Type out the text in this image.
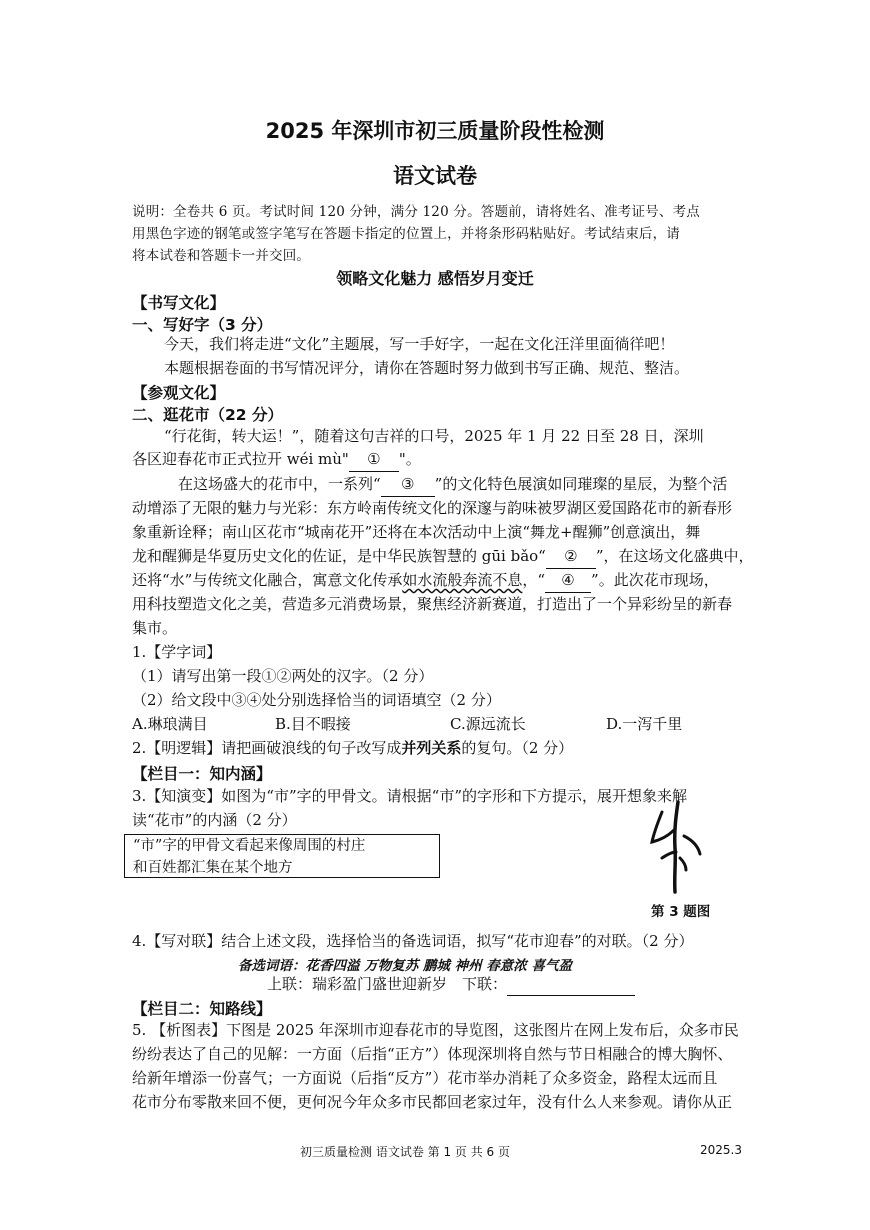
2025 年深圳市初三质量阶段性检测
语文试卷
说明：全卷共 6 页。考试时间 120 分钟，满分 120 分。答题前，请将姓名、准考证号、考点
用黑色字迹的钢笔或签字笔写在答题卡指定的位置上，并将条形码粘贴好。考试结束后，请
将本试卷和答题卡一并交回。
领略文化魅力 感悟岁月变迁
【书写文化】
一、写好字（3 分）
今天，我们将走进“文化”主题展，写一手好字，一起在文化汪洋里面徜徉吧！
本题根据卷面的书写情况评分，请你在答题时努力做到书写正确、规范、整洁。
【参观文化】
二、逛花市（22 分）
“行花街，转大运！”，随着这句吉祥的口号，2025 年 1 月 22 日至 28 日，深圳
各区迎春花市正式拉开 wéi mù" ① "。
在这场盛大的花市中，一系列“ ③ ”的文化特色展演如同璀璨的星辰，为整个活
动增添了无限的魅力与光彩：东方岭南传统文化的深邃与韵味被罗湖区爱国路花市的新春形
象重新诠释；南山区花市“城南花开”还将在本次活动中上演“舞龙+醒狮”创意演出，舞
龙和醒狮是华夏历史文化的佐证，是中华民族智慧的 gūi bǎo“ ② ”，在这场文化盛典中，
还将“水”与传统文化融合，寓意文化传承如水流般奔流不息，“ ④ ”。此次花市现场，
用科技塑造文化之美，营造多元消费场景，聚焦经济新赛道，打造出了一个异彩纷呈的新春
集市。
1.【学字词】
（1）请写出第一段①②两处的汉字。（2 分）
（2）给文段中③④处分别选择恰当的词语填空（2 分）
A.琳琅满目	B.目不暇接	C.源远流长	D.一泻千里
2.【明逻辑】请把画破浪线的句子改写成并列关系的复句。（2 分）
【栏目一：知内涵】
3.【知演变】如图为“市”字的甲骨文。请根据“市”的字形和下方提示，展开想象来解
读“花市”的内涵（2 分）
“市”字的甲骨文看起来像周围的村庄
和百姓都汇集在某个地方
第 3 题图
4.【写对联】结合上述文段，选择恰当的备选词语，拟写“花市迎春”的对联。（2 分）
备选词语：花香四溢 万物复苏 鹏城 神州 春意浓 喜气盈
上联：瑞彩盈门盛世迎新岁 下联：
【栏目二：知路线】
5. 【析图表】下图是 2025 年深圳市迎春花市的导览图，这张图片在网上发布后，众多市民
纷纷表达了自己的见解：一方面（后指“正方”）体现深圳将自然与节日相融合的博大胸怀、
给新年增添一份喜气；一方面说（后指“反方”）花市举办消耗了众多资金，路程太远而且
花市分布零散来回不便，更何况今年众多市民都回老家过年，没有什么人来参观。请你从正
初三质量检测 语文试卷 第 1 页 共 6 页	2025.3
